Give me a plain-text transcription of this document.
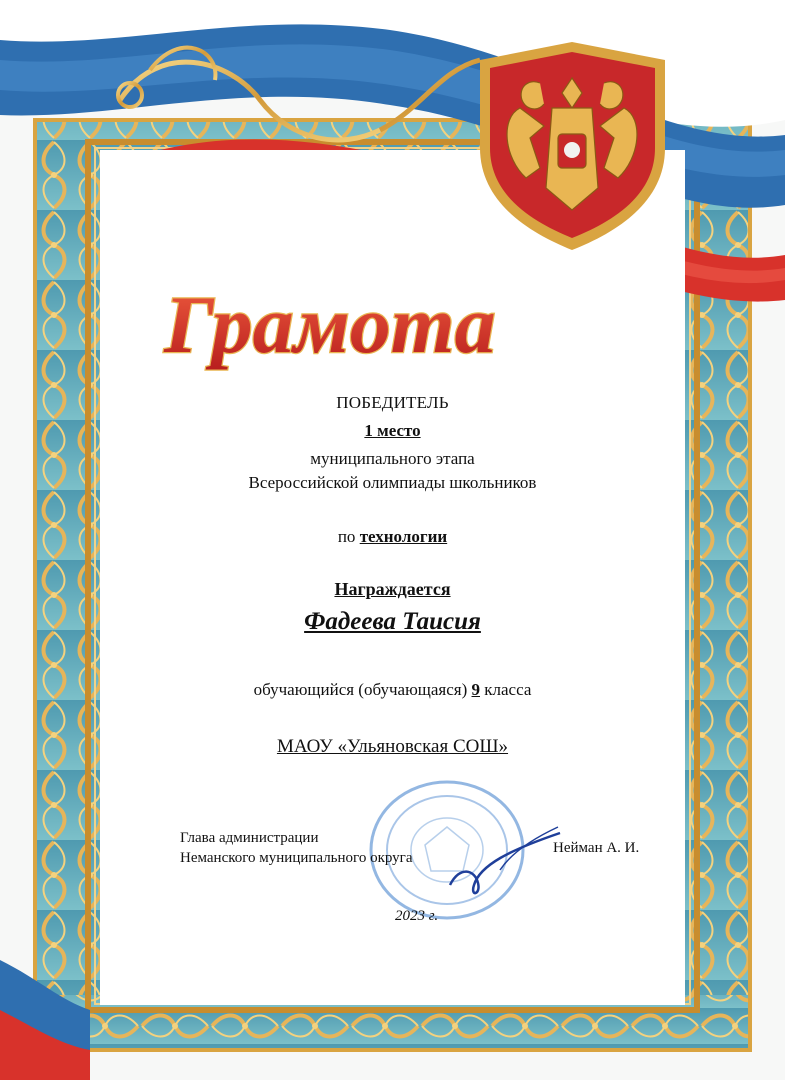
Грамота
ПОБЕДИТЕЛЬ
1 место
муниципального этапа
Всероссийской олимпиады школьников
по технологии
Награждается
Фадеева Таисия
обучающийся (обучающаяся) 9 класса
МАОУ «Ульяновская СОШ»
Глава администрации
Неманского муниципального округа
Нейман А. И.
2023 г.
